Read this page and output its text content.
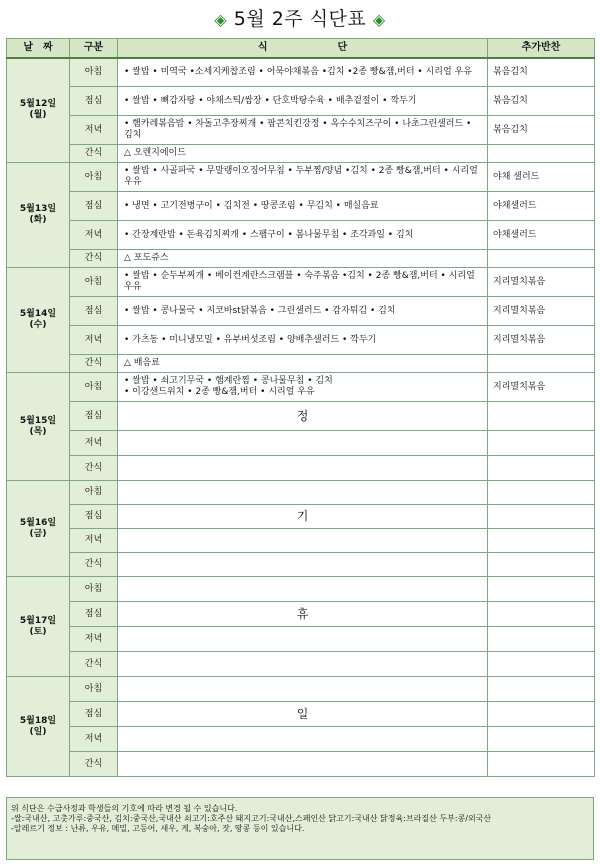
◈ 5월 2주 식단표 ◈
날　짜	구분	식　　　　　　　단	추가반찬
5월12일
(월)	아침	• 쌀밥 • 미역국 •소세지케찹조림 • 어묵야채볶음 •김치 •2종 빵&잼,버터 • 시리얼 우유	볶음김치
	점심	• 쌀밥 • 뼈감자탕 • 야채스틱/쌈장 • 단호박탕수육 • 배추겉절이 • 깍두기	볶음김치
	저녁	• 햄카레볶음밥 • 차돌고추장찌개 • 팝콘치킨강정 • 옥수수치즈구이 • 나초그린샐러드 • 김치	볶음김치
	간식	△ 오렌지에이드	
5월13일
(화)	아침	• 쌀밥 • 사골파국 • 무말랭이오징어무침 • 두부찜/양념 •김치 • 2종 빵&잼,버터 • 시리얼 우유	야채 샐러드
	점심	• 냉면 • 고기전병구이 • 김치전 • 땅콩조림 • 무김치 • 매실음료	야채샐러드
	저녁	• 간장계란밥 • 돈육김치찌개 • 스팸구이 • 봄나물무침 • 조각과일 • 김치	야채샐러드
	간식	△ 포도쥬스	
5월14일
(수)	아침	• 쌀밥 • 순두부찌개 • 베이컨계란스크램블 • 숙주볶음 •김치 • 2종 빵&잼,버터 • 시리얼 우유	지리멸치볶음
	점심	• 쌀밥 • 콩나물국 • 지코바st닭볶음 • 그린샐러드 • 감자튀김 • 김치	지리멸치볶음
	저녁	• 가츠동 • 미니냉모밀 • 유부버섯조림 • 양배추샐러드 • 깍두기	지리멸치볶음
	간식	△ 배음료	
5월15일
(목)	아침	• 쌀밥 • 쇠고기무국 • 햄계란찜 • 콩나물무침 • 김치
• 이강샌드위치 • 2종 빵&잼,버터 • 시리얼 우유	지리멸치볶음
	점심	정	
	저녁		
	간식		
5월16일
(금)	아침		
	점심	기	
	저녁		
	간식		
5월17일
(토)	아침		
	점심	휴	
	저녁		
	간식		
5월18일
(일)	아침		
	점심	일	
	저녁		
	간식		
위 식단은 수급사정과 학생들의 기호에 따라 변경 될 수 있습니다.
-쌀:국내산, 고춧가루:중국산, 김치:중국산,국내산 쇠고기:호주산 돼지고기:국내산,스페인산 닭고기:국내산 닭정육:브라질산 두부:콩/외국산
-알레르기 정보 : 난류, 우유, 메밀, 고등어, 새우, 게, 복숭아, 잣, 땅콩 등이 있습니다.
